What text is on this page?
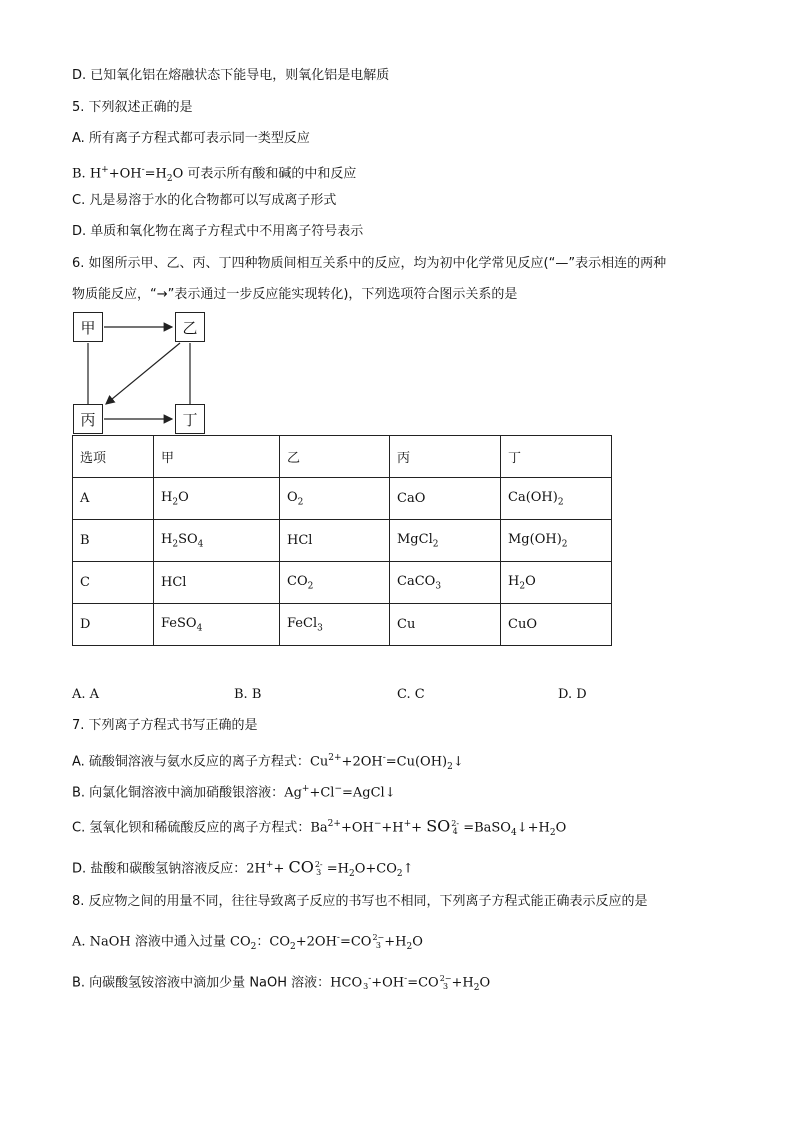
D. 已知氧化铝在熔融状态下能导电，则氧化铝是电解质
5. 下列叙述正确的是
A. 所有离子方程式都可表示同一类型反应
B. $H^++OH^-=H_2O$ 可表示所有酸和碱的中和反应
C. 凡是易溶于水的化合物都可以写成离子形式
D. 单质和氧化物在离子方程式中不用离子符号表示
6. 如图所示甲、乙、丙、丁四种物质间相互关系中的反应，均为初中化学常见反应(“—”表示相连的两种
物质能反应，“→”表示通过一步反应能实现转化)，下列选项符合图示关系的是
甲	乙
丙	丁
选项	甲	乙	丙	丁
A	$H_2O$	$O_2$	CaO	$Ca(OH)_2$
B	$H_2SO_4$	HCl	MgCl$_2$	$Mg(OH)_2$
C	HCl	$CO_2$	CaCO$_3$	$H_2O$
D	FeSO$_4$	FeCl$_3$	Cu	CuO
A. A	B. B	C. C	D. D
7. 下列离子方程式书写正确的是
A. 硫酸铜溶液与氨水反应的离子方程式：$Cu^{2+}+2OH^-=Cu(OH)_2↓$
B. 向氯化铜溶液中滴加硝酸银溶液：Ag++Cl−=AgCl↓
C. 氢氧化钡和稀硫酸反应的离子方程式：$Ba^{2+}+OH^-+H^++ SO2-$
$4 =BaSO_4↓+H_2O$
D. 盐酸和碳酸氢钠溶液反应：2H++ CO2-
$3 =H_2O+CO_2↑$
8. 反应物之间的用量不同，往往导致离子反应的书写也不相同，下列离子方程式能正确表示反应的是
A. NaOH 溶液中通入过量 $CO_2$：$CO_2+2OH^-=CO2-$
$3 +H_2O$
B. 向碳酸氢铵溶液中滴加少量 NaOH 溶液：HCO
3-+OH-=CO2−
$3 +H_2O$
